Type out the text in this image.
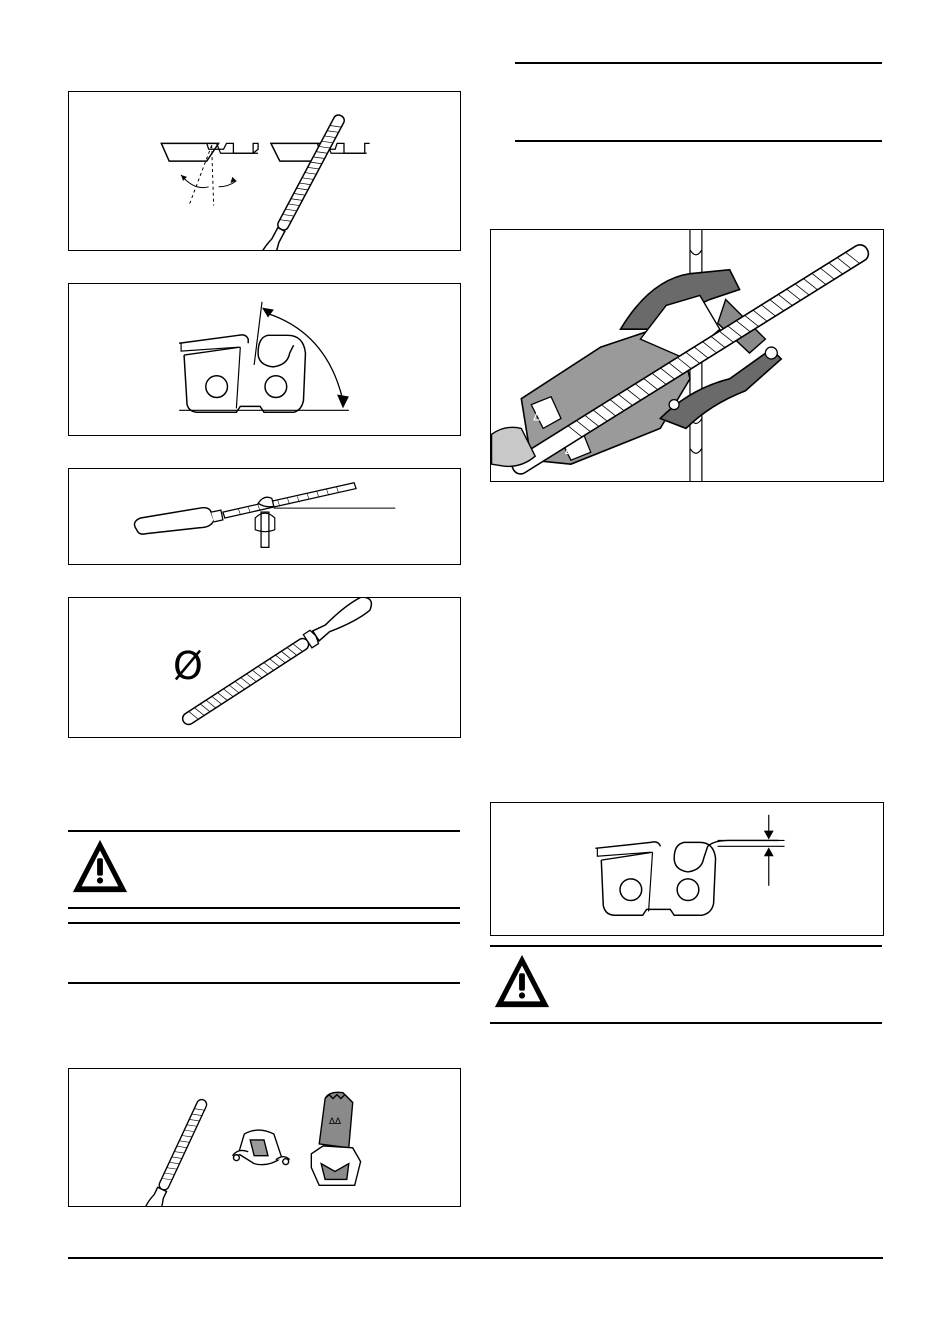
Ø
∆∆
∆
∆
